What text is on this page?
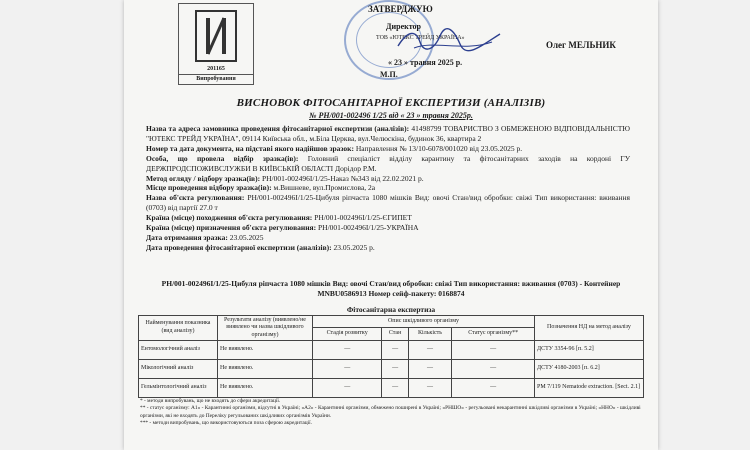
201165
Випробування
ЗАТВЕРДЖУЮ
Директор
ТОВ «ЮТЕКС ТРЕЙД УКРАЇНА»
Олег МЕЛЬНИК
« 23 » травня 2025 р.
М.П.
ВИСНОВОК ФІТОСАНІТАРНОЇ ЕКСПЕРТИЗИ (АНАЛІЗІВ)
№ РН/001-002496 1/25 від « 23 » травня 2025р.

Назва та адреса замовника проведення фітосанітарної експертизи (аналізів): 41498799 ТОВАРИСТВО З ОБМЕЖЕНОЮ ВІДПОВІДАЛЬНІСТЮ "ЮТЕКС ТРЕЙД УКРАЇНА", 09114 Київська обл., м.Біла Церква, вул.Челюскіна, будинок 36, квартира 2

Номер та дата документа, на підставі якого надійшов зразок: Направлення № 13/10-6078/001020 від 23.05.2025 р.

Особа, що провела відбір зразка(ів): Головний спеціаліст відділу карантину та фітосанітарних заходів на кордоні ГУ ДЕРЖПРОДСПОЖИВСЛУЖБИ В КИЇВСЬКІЙ ОБЛАСТІ Дорідор Р.М.

Метод огляду / відбору зразка(ів): РН/001-002496І/1/25-Наказ №343 від 22.02.2021 р.

Місце проведення відбору зразка(ів): м.Вишневе, вул.Промислова, 2а

Назва об'єкта регулювання: РН/001-002496І/1/25-Цибуля ріпчаста 1080 мішків Вид: овочі Стан/вид обробки: свіжі Тип використання: вживання (0703) від партії 27.0 т

Країна (місце) походження об'єкта регулювання: РН/001-002496І/1/25-ЄГИПЕТ

Країна (місце) призначення об'єкта регулювання: РН/001-002496І/1/25-УКРАЇНА

Дата отримання зразка: 23.05.2025

Дата проведення фітосанітарної експертизи (аналізів): 23.05.2025 р.

РН/001-002496І/1/25-Цибуля ріпчаста 1080 мішків Вид: овочі Стан/вид обробки: свіжі Тип використання: вживання (0703) - Контейнер MNBU0586913 Номер сейф-пакету: 0168874
Фітосанітарна експертиза						
Найменування показника (вид аналізу)	Результати аналізу (виявлено/не виявлено чи назва шкідливого організму)	Опис шкідливого організму				Позначення НД на метод аналізу
		Стадія розвитку	Стан	Кількість	Статус організму**	
Ентомологічний аналіз	Не виявлено.	—	—	—	—	ДСТУ 3354-96 [п. 5.2]
Мікологічний аналіз	Не виявлено.	—	—	—	—	ДСТУ 4180-2003 [п. 6.2]
Гельмінтологічний аналіз	Не виявлено.	—	—	—	—	PM 7/119 Nematode extraction. [Sect. 2.1]

* - методи випробувань, що не входять до сфери акредитації.

** - статус організму: А1» - Карантинні організми, відсутні в Україні; «А2» - Карантинні організми, обмежено поширені в Україні; «РНШО» - регульовані некарантинні шкідливі організми в Україні; «ННО» - шкідливі організми, які не входять до Переліку регульованих шкідливих організмів України.

*** - методи випробувань, що використовуються поза сферою акредитації.
